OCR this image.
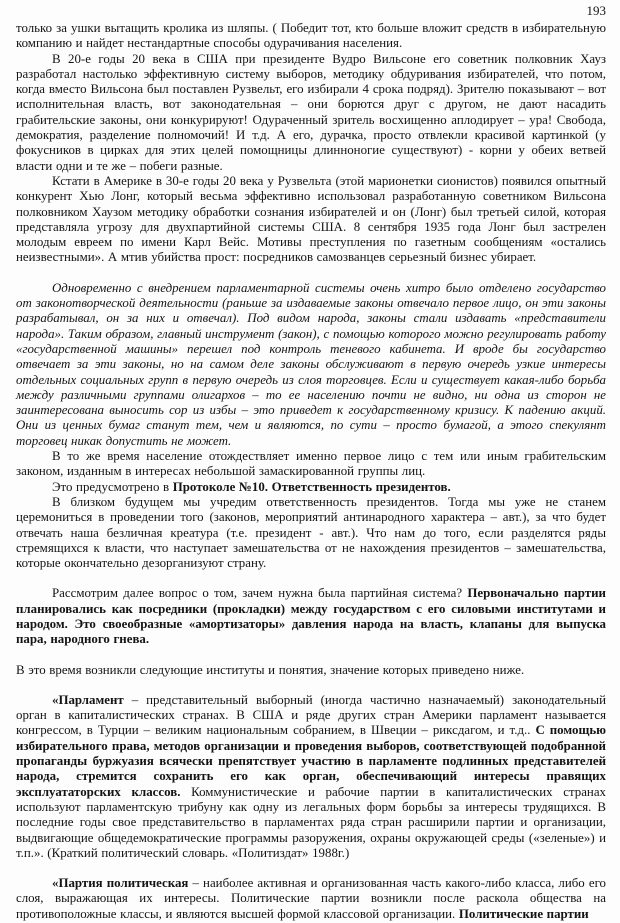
193

только за ушки вытащить кролика из шляпы. ( Победит тот, кто больше вложит средств в избирательную компанию и найдет нестандартные способы одурачивания населения.

В 20-е годы 20 века в США при президенте Вудро Вильсоне его советник полковник Хауз разработал настолько эффективную систему выборов, методику обдуривания избирателей, что потом, когда вместо Вильсона был поставлен Рузвельт, его избирали 4 срока подряд). Зрителю показывают – вот исполнительная власть, вот законодательная – они борются друг с другом, не дают насадить грабительские законы, они конкурируют! Одураченный зритель восхищенно аплодирует – ура! Свобода, демократия, разделение полномочий! И т.д. А его, дурачка, просто отвлекли красивой картинкой (у фокусников в цирках для этих целей помощницы длинноногие существуют) - корни у обеих ветвей власти одни и те же – побеги разные.

Кстати в Америке в 30-е годы 20 века у Рузвельта (этой марионетки сионистов) появился опытный конкурент Хью Лонг, который весьма эффективно использовал разработанную советником Вильсона полковником Хаузом методику обработки сознания избирателей и он (Лонг) был третьей силой, которая представляла угрозу для двухпартийной системы США. 8 сентября 1935 года Лонг был застрелен молодым евреем по имени Карл Вейс. Мотивы преступления по газетным сообщениям «остались неизвестными». А мтив убийства прост: посредников самозванцев серьезный бизнес убирает.

Одновременно с внедрением парламентарной системы очень хитро было отделено государство от законотворческой деятельности (раньше за издаваемые законы отвечало первое лицо, он эти законы разрабатывал, он за них и отвечал). Под видом народа, законы стали издавать «представители народа». Таким образом, главный инструмент (закон), с помощью которого можно регулировать работу «государственной машины» перешел под контроль теневого кабинета. И вроде бы государство отвечает за эти законы, но на самом деле законы обслуживают в первую очередь узкие интересы отдельных социальных групп в первую очередь из слоя торговцев. Если и существует какая-либо борьба между различными группами олигархов – то ее населению почти не видно, ни одна из сторон не заинтересована выносить сор из избы – это приведет к государственному кризису. К падению акций. Они из ценных бумаг станут тем, чем и являются, по сути – просто бумагой, а этого спекулянт торговец никак допустить не может.

В то же время население отождествляет именно первое лицо с тем или иным грабительским законом, изданным в интересах небольшой замаскированной группы лиц.

Это предусмотрено в Протоколе №10. Ответственность президентов.

В близком будущем мы учредим ответственность президентов. Тогда мы уже не станем церемониться в проведении того (законов, мероприятий антинародного характера – авт.), за что будет отвечать наша безличная креатура (т.е. президент - авт.). Что нам до того, если разделятся ряды стремящихся к власти, что наступает замешательства от не нахождения президентов – замешательства, которые окончательно дезорганизуют страну.

Рассмотрим далее вопрос о том, зачем нужна была партийная система? Первоначально партии планировались как посредники (прокладки) между государством с его силовыми институтами и народом. Это своеобразные «амортизаторы» давления народа на власть, клапаны для выпуска пара, народного гнева.

В это время возникли следующие институты и понятия, значение которых приведено ниже.

«Парламент – представительный выборный (иногда частично назначаемый) законодательный орган в капиталистических странах. В США и ряде других стран Америки парламент называется конгрессом, в Турции – великим национальным собранием, в Швеции – риксдагом, и т.д.. С помощью избирательного права, методов организации и проведения выборов, соответствующей подобранной пропаганды буржуазия всячески препятствует участию в парламенте подлинных представителей народа, стремится сохранить его как орган, обеспечивающий интересы правящих эксплуататорских классов. Коммунистические и рабочие партии в капиталистических странах используют парламентскую трибуну как одну из легальных форм борьбы за интересы трудящихся. В последние годы свое представительство в парламентах ряда стран расширили партии и организации, выдвигающие общедемократические программы разоружения, охраны окружающей среды («зеленые») и т.п.». (Краткий политический словарь. «Политиздат» 1988г.)

«Партия политическая – наиболее активная и организованная часть какого-либо класса, либо его слоя, выражающая их интересы. Политические партии возникли после раскола общества на противоположные классы, и являются высшей формой классовой организации. Политические партии
